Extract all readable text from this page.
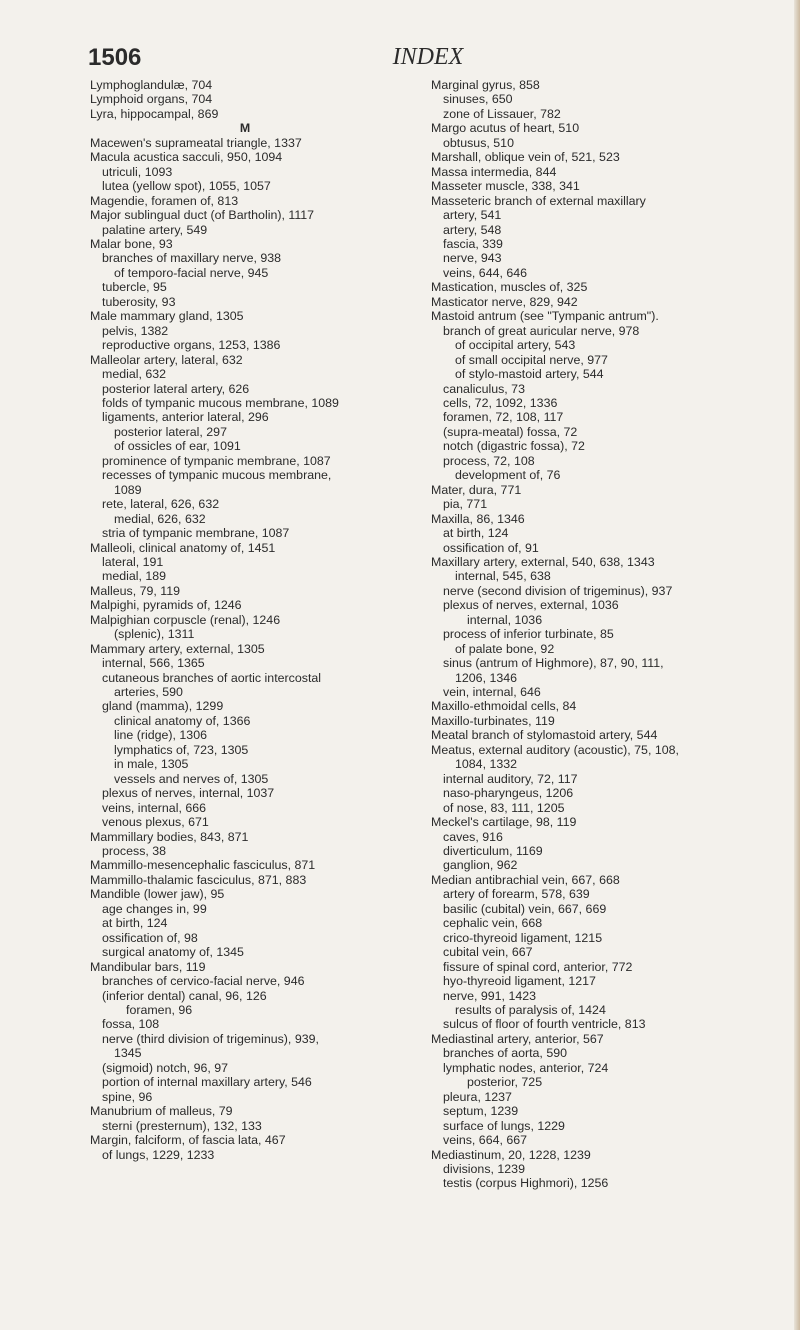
1506	INDEX
Lymphoglandulæ, 704
Lymphoid organs, 704
Lyra, hippocampal, 869
M
Macewen's suprameatal triangle, 1337
Macula acustica sacculi, 950, 1094
utriculi, 1093
lutea (yellow spot), 1055, 1057
Magendie, foramen of, 813
Major sublingual duct (of Bartholin), 1117
palatine artery, 549
Malar bone, 93
branches of maxillary nerve, 938
of temporo-facial nerve, 945
tubercle, 95
tuberosity, 93
Male mammary gland, 1305
pelvis, 1382
reproductive organs, 1253, 1386
Malleolar artery, lateral, 632
medial, 632
posterior lateral artery, 626
folds of tympanic mucous membrane, 1089
ligaments, anterior lateral, 296
posterior lateral, 297
of ossicles of ear, 1091
prominence of tympanic membrane, 1087
recesses of tympanic mucous membrane,
1089
rete, lateral, 626, 632
medial, 626, 632
stria of tympanic membrane, 1087
Malleoli, clinical anatomy of, 1451
lateral, 191
medial, 189
Malleus, 79, 119
Malpighi, pyramids of, 1246
Malpighian corpuscle (renal), 1246
(splenic), 1311
Mammary artery, external, 1305
internal, 566, 1365
cutaneous branches of aortic intercostal
arteries, 590
gland (mamma), 1299
clinical anatomy of, 1366
line (ridge), 1306
lymphatics of, 723, 1305
in male, 1305
vessels and nerves of, 1305
plexus of nerves, internal, 1037
veins, internal, 666
venous plexus, 671
Mammillary bodies, 843, 871
process, 38
Mammillo-mesencephalic fasciculus, 871
Mammillo-thalamic fasciculus, 871, 883
Mandible (lower jaw), 95
age changes in, 99
at birth, 124
ossification of, 98
surgical anatomy of, 1345
Mandibular bars, 119
branches of cervico-facial nerve, 946
(inferior dental) canal, 96, 126
foramen, 96
fossa, 108
nerve (third division of trigeminus), 939,
1345
(sigmoid) notch, 96, 97
portion of internal maxillary artery, 546
spine, 96
Manubrium of malleus, 79
sterni (presternum), 132, 133
Margin, falciform, of fascia lata, 467
of lungs, 1229, 1233
Marginal gyrus, 858
sinuses, 650
zone of Lissauer, 782
Margo acutus of heart, 510
obtusus, 510
Marshall, oblique vein of, 521, 523
Massa intermedia, 844
Masseter muscle, 338, 341
Masseteric branch of external maxillary
artery, 541
artery, 548
fascia, 339
nerve, 943
veins, 644, 646
Mastication, muscles of, 325
Masticator nerve, 829, 942
Mastoid antrum (see "Tympanic antrum").
branch of great auricular nerve, 978
of occipital artery, 543
of small occipital nerve, 977
of stylo-mastoid artery, 544
canaliculus, 73
cells, 72, 1092, 1336
foramen, 72, 108, 117
(supra-meatal) fossa, 72
notch (digastric fossa), 72
process, 72, 108
development of, 76
Mater, dura, 771
pia, 771
Maxilla, 86, 1346
at birth, 124
ossification of, 91
Maxillary artery, external, 540, 638, 1343
internal, 545, 638
nerve (second division of trigeminus), 937
plexus of nerves, external, 1036
internal, 1036
process of inferior turbinate, 85
of palate bone, 92
sinus (antrum of Highmore), 87, 90, 111,
1206, 1346
vein, internal, 646
Maxillo-ethmoidal cells, 84
Maxillo-turbinates, 119
Meatal branch of stylomastoid artery, 544
Meatus, external auditory (acoustic), 75, 108,
1084, 1332
internal auditory, 72, 117
naso-pharyngeus, 1206
of nose, 83, 111, 1205
Meckel's cartilage, 98, 119
caves, 916
diverticulum, 1169
ganglion, 962
Median antibrachial vein, 667, 668
artery of forearm, 578, 639
basilic (cubital) vein, 667, 669
cephalic vein, 668
crico-thyreoid ligament, 1215
cubital vein, 667
fissure of spinal cord, anterior, 772
hyo-thyreoid ligament, 1217
nerve, 991, 1423
results of paralysis of, 1424
sulcus of floor of fourth ventricle, 813
Mediastinal artery, anterior, 567
branches of aorta, 590
lymphatic nodes, anterior, 724
posterior, 725
pleura, 1237
septum, 1239
surface of lungs, 1229
veins, 664, 667
Mediastinum, 20, 1228, 1239
divisions, 1239
testis (corpus Highmori), 1256
